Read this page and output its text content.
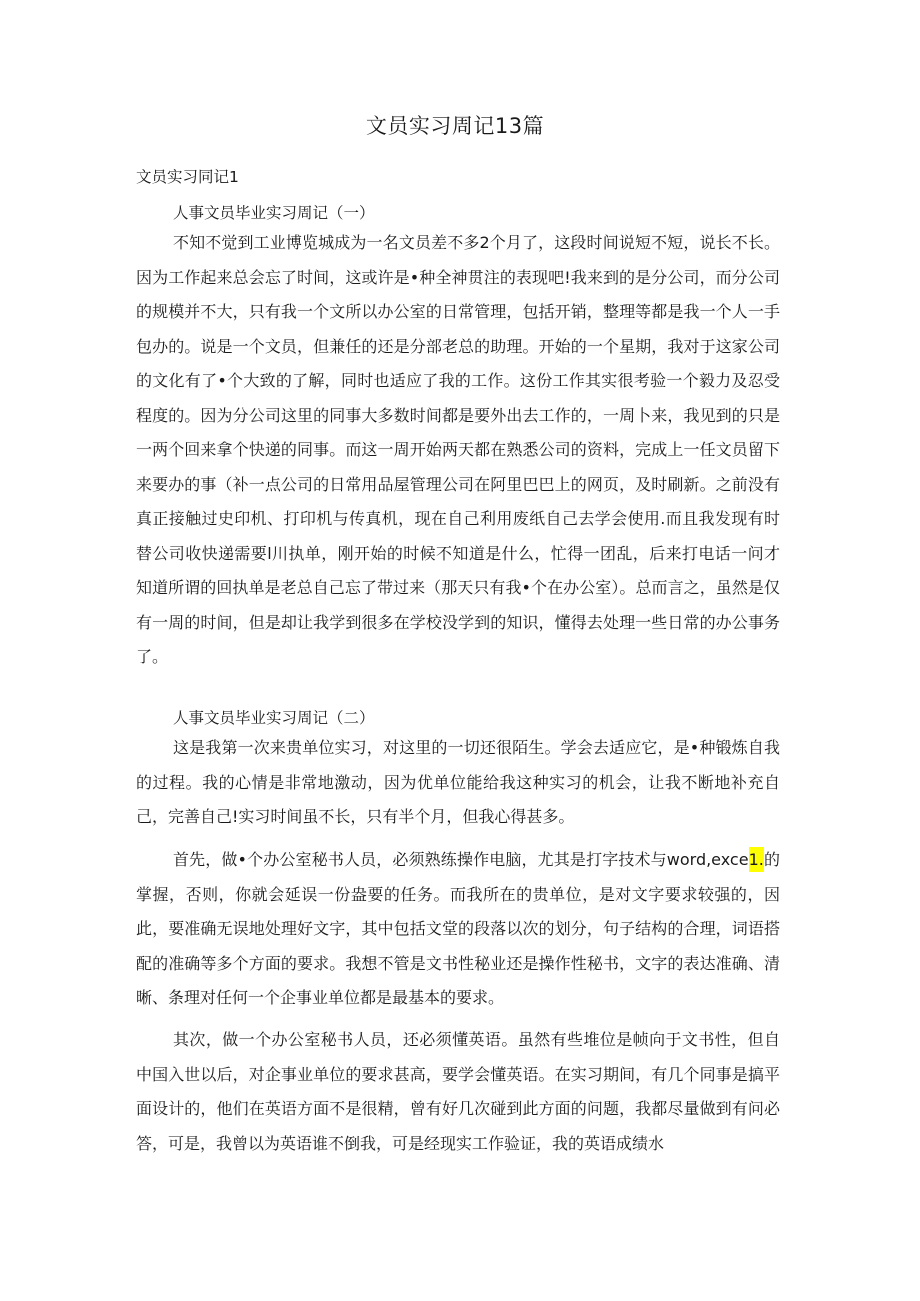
文员实习周记13篇
文员实习同记1
人事文员毕业实习周记（一）

不知不觉到工业博览城成为一名文员差不多2个月了，这段时间说短不短，说长不长。因为工作起来总会忘了时间，这或许是•种全神贯注的表现吧!我来到的是分公司，而分公司的规模并不大，只有我一个文所以办公室的日常管理，包括开销，整理等都是我一个人一手包办的。说是一个文员，但兼任的还是分部老总的助理。开始的一个星期，我对于这家公司的文化有了•个大致的了解，同时也适应了我的工作。这份工作其实很考验一个毅力及忍受程度的。因为分公司这里的同事大多数时间都是要外出去工作的，一周卜来，我见到的只是一两个回来拿个快递的同事。而这一周开始两天都在熟悉公司的资料，完成上一任文员留下来要办的事（补一点公司的日常用品屋管理公司在阿里巴巴上的网页，及时刷新。之前没有真正接触过史印机、打印机与传真机，现在自己利用废纸自己去学会使用.而且我发现有时替公司收快递需要l川执单，刚开始的时候不知道是什么，忙得一团乱，后来打电话一问才知道所谓的回执单是老总自己忘了带过来（那天只有我•个在办公室）。总而言之，虽然是仅有一周的时间，但是却让我学到很多在学校没学到的知识，懂得去处理一些日常的办公事务了。

人事文员毕业实习周记（二）

这是我第一次来贵单位实习，对这里的一切还很陌生。学会去适应它，是•种锻炼自我的过程。我的心情是非常地激动，因为优单位能给我这种实习的机会，让我不断地补充自己，完善自己!实习时间虽不长，只有半个月，但我心得甚多。

首先，做•个办公室秘书人员，必须熟练操作电脑，尤其是打字技术与word,exce1.的掌握，否则，你就会延误一份盎要的任务。而我所在的贵单位，是对文字要求较强的，因此，要准确无误地处理好文字，其中包括文堂的段落以次的划分，句子结构的合理，词语搭配的准确等多个方面的要求。我想不管是文书性秘业还是操作性秘书，文字的表达准确、清晰、条理对任何一个企事业单位都是最基本的要求。

其次，做一个办公室秘书人员，还必须懂英语。虽然有些堆位是帧向于文书性，但自中国入世以后，对企事业单位的要求甚高，要学会懂英语。在实习期间，有几个同事是搞平面设计的，他们在英语方面不是很精，曾有好几次碰到此方面的问题，我都尽量做到有问必答，可是，我曾以为英语谁不倒我，可是经现实工作验证，我的英语成绩水
